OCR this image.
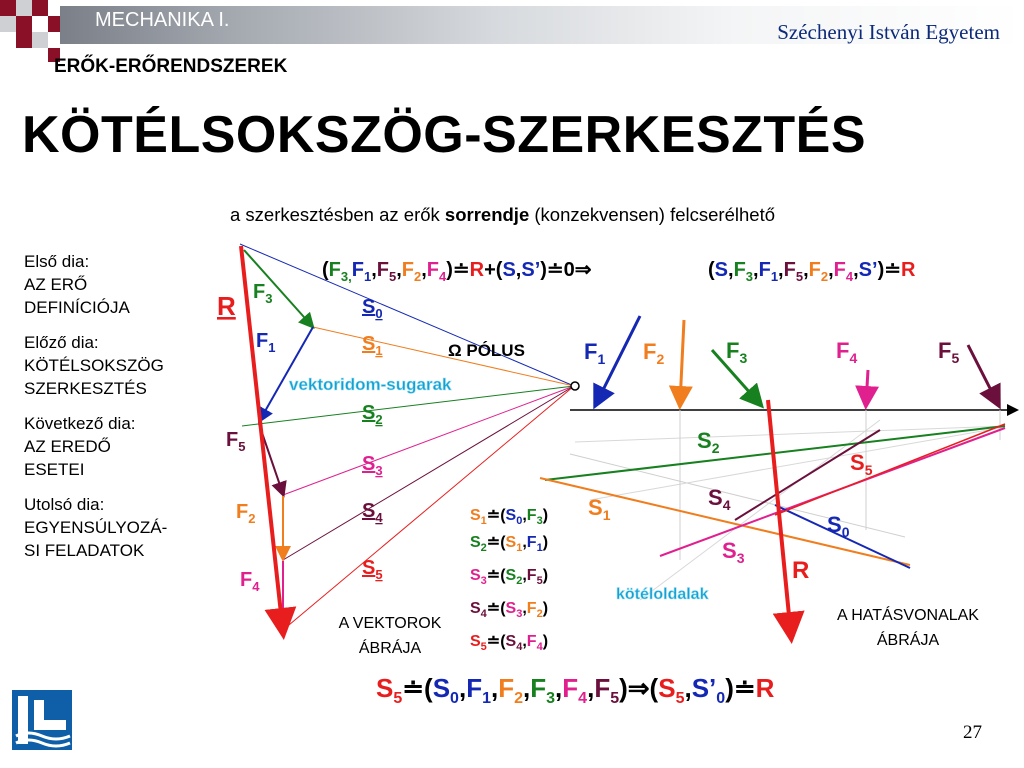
MECHANIKA I.	Széchenyi István Egyetem
ERŐK-ERŐRENDSZEREK
KÖTÉLSOKSZÖG-SZERKESZTÉS
a szerkesztésben az erők sorrendje (konzekvensen) felcserélhető
Első dia:
AZ ERŐ
DEFINÍCIÓJA
Előző dia:
KÖTÉLSOKSZÖG
SZERKESZTÉS
Következő dia:
AZ EREDŐ
ESETEI
Utolsó dia:
EGYENSÚLYOZÁ-
SI FELADATOK
R $F_3$
$F_1$
$F_5$
$F_2$
$F_4$
$S_0$
$S_1$
$S_2$
$S_3$
$S_4$
$S_5$
Ω PÓLUS
vektoridom-sugarak
A VEKTOROK
ÁBRÁJA
$(F_{3,}F_1,F_5,F_2,F_4)≐R+(S,S’)≐0\Rightarrow$	$(S,F_3,F_1,F_5,F_2,F_4,S’)≐R$
$S_1≐(S_0,F_3)$
$S_2≐(S_1,F_1)$
$S_3≐(S_2,F_5)$
$S_4≐(S_3,F_2)$
$S_5≐(S_4,F_4)$
$F_1$ $F_2$	$F_3$	$F_4$	$F_5$
R
$S_2$
$S_5$
$S_4$
$S_1$	$S_0$
$S_3$
kötéloldalak
A HATÁSVONALAK
ÁBRÁJA
$S_5≐(S_0,F_1,F_2,F_3,F_4,F_5)\Rightarrow(S_5,S’_0)≐R$
27
